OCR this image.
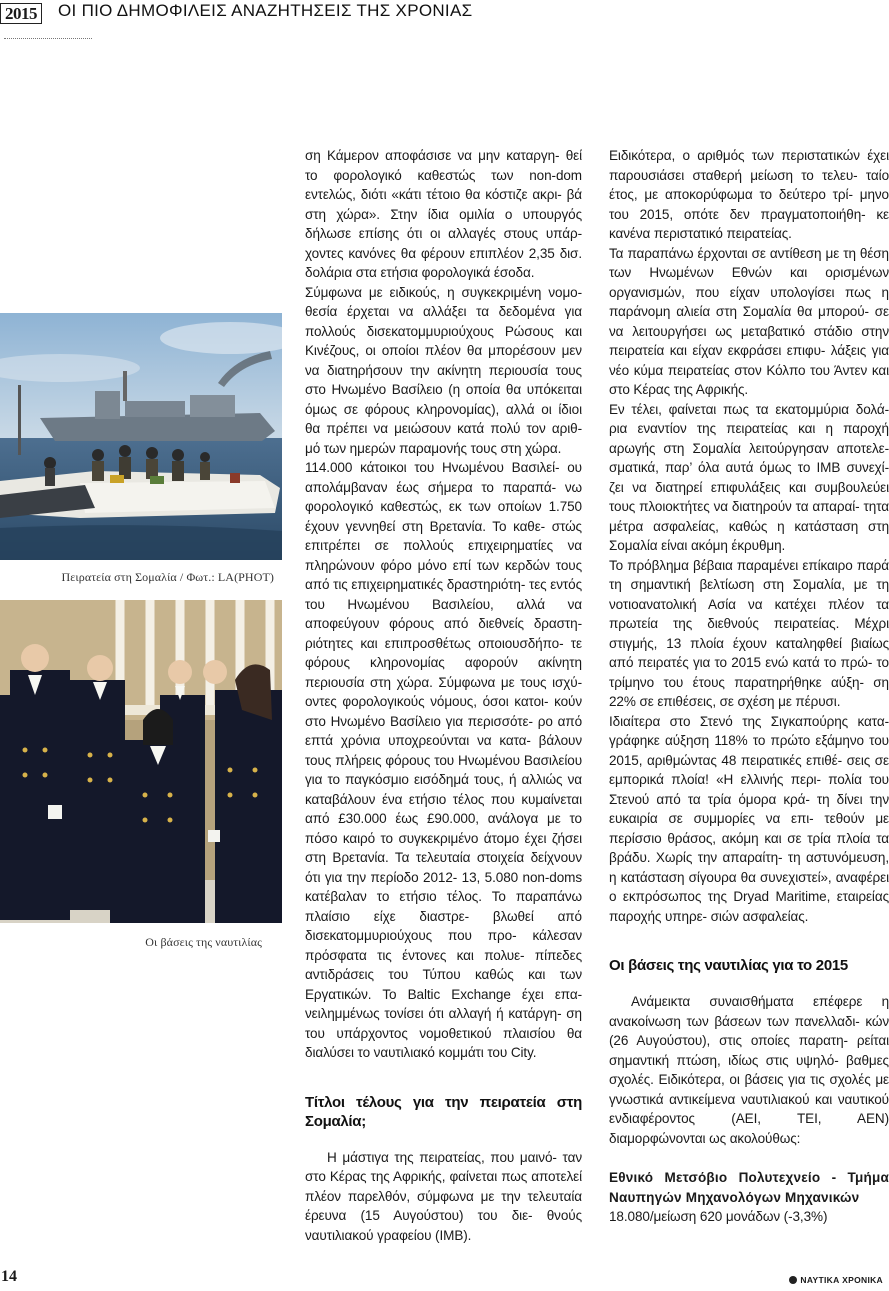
2015 ΟΙ ΠΙΟ ΔΗΜΟΦΙΛΕΙΣ ΑΝΑΖΗΤΗΣΕΙΣ ΤΗΣ ΧΡΟΝΙΑΣ
Πειρατεία στη Σομαλία / Φωτ.: LA(PHOT)
Οι βάσεις της ναυτιλίας

ση Κάμερον αποφάσισε να μην καταργη- θεί το φορολογικό καθεστώς των non-dom εντελώς, διότι «κάτι τέτοιο θα κόστιζε ακρι- βά στη χώρα». Στην ίδια ομιλία ο υπουργός δήλωσε επίσης ότι οι αλλαγές στους υπάρ- χοντες κανόνες θα φέρουν επιπλέον 2,35 δισ. δολάρια στα ετήσια φορολογικά έσοδα.

Σύμφωνα με ειδικούς, η συγκεκριμένη νομο- θεσία έρχεται να αλλάξει τα δεδομένα για πολλούς δισεκατομμυριούχους Ρώσους και Κινέζους, οι οποίοι πλέον θα μπορέσουν μεν να διατηρήσουν την ακίνητη περιουσία τους στο Ηνωμένο Βασίλειο (η οποία θα υπόκειται όμως σε φόρους κληρονομίας), αλλά οι ίδιοι θα πρέπει να μειώσουν κατά πολύ τον αριθ- μό των ημερών παραμονής τους στη χώρα.

114.000 κάτοικοι του Ηνωμένου Βασιλεί- ου απολάμβαναν έως σήμερα το παραπά- νω φορολογικό καθεστώς, εκ των οποίων 1.750 έχουν γεννηθεί στη Βρετανία. Το καθε- στώς επιτρέπει σε πολλούς επιχειρηματίες να πληρώνουν φόρο μόνο επί των κερδών τους από τις επιχειρηματικές δραστηριότη- τες εντός του Ηνωμένου Βασιλείου, αλλά να αποφεύγουν φόρους από διεθνείς δραστη- ριότητες και επιπροσθέτως οποιουσδήπο- τε φόρους κληρονομίας αφορούν ακίνητη περιουσία στη χώρα. Σύμφωνα με τους ισχύ- οντες φορολογικούς νόμους, όσοι κατοι- κούν στο Ηνωμένο Βασίλειο για περισσότε- ρο από επτά χρόνια υποχρεούνται να κατα- βάλουν τους πλήρεις φόρους του Ηνωμένου Βασιλείου για το παγκόσμιο εισόδημά τους, ή αλλιώς να καταβάλουν ένα ετήσιο τέλος που κυμαίνεται από £30.000 έως £90.000, ανάλογα με το πόσο καιρό το συγκεκριμένο άτομο έχει ζήσει στη Βρετανία. Τα τελευταία στοιχεία δείχνουν ότι για την περίοδο 2012- 13, 5.080 non-doms κατέβαλαν το ετήσιο τέλος. Το παραπάνω πλαίσιο είχε διαστρε- βλωθεί από δισεκατομμυριούχους που προ- κάλεσαν πρόσφατα τις έντονες και πολυε- πίπεδες αντιδράσεις του Τύπου καθώς και των Εργατικών. Το Baltic Exchange έχει επα- νειλημμένως τονίσει ότι αλλαγή ή κατάργη- ση του υπάρχοντος νομοθετικού πλαισίου θα διαλύσει το ναυτιλιακό κομμάτι του City.

Τίτλοι τέλους για την πειρατεία στη Σομαλία;

Η μάστιγα της πειρατείας, που μαινό- ταν στο Κέρας της Αφρικής, φαίνεται πως αποτελεί πλέον παρελθόν, σύμφωνα με την τελευταία έρευνα (15 Αυγούστου) του διε- θνούς ναυτιλιακού γραφείου (IMB).

Ειδικότερα, ο αριθμός των περιστατικών έχει παρουσιάσει σταθερή μείωση το τελευ- ταίο έτος, με αποκορύφωμα το δεύτερο τρί- μηνο του 2015, οπότε δεν πραγματοποιήθη- κε κανένα περιστατικό πειρατείας.

Τα παραπάνω έρχονται σε αντίθεση με τη θέση των Ηνωμένων Εθνών και ορισμένων οργανισμών, που είχαν υπολογίσει πως η παράνομη αλιεία στη Σομαλία θα μπορού- σε να λειτουργήσει ως μεταβατικό στάδιο στην πειρατεία και είχαν εκφράσει επιφυ- λάξεις για νέο κύμα πειρατείας στον Κόλπο του Άντεν και στο Κέρας της Αφρικής.

Εν τέλει, φαίνεται πως τα εκατομμύρια δολά- ρια εναντίον της πειρατείας και η παροχή αρωγής στη Σομαλία λειτούργησαν αποτελε- σματικά, παρ’ όλα αυτά όμως το IMB συνεχί- ζει να διατηρεί επιφυλάξεις και συμβουλεύει τους πλοιοκτήτες να διατηρούν τα απαραί- τητα μέτρα ασφαλείας, καθώς η κατάσταση στη Σομαλία είναι ακόμη έκρυθμη.

Το πρόβλημα βέβαια παραμένει επίκαιρο παρά τη σημαντική βελτίωση στη Σομαλία, με τη νοτιοανατολική Ασία να κατέχει πλέον τα πρωτεία της διεθνούς πειρατείας. Μέχρι στιγμής, 13 πλοία έχουν καταληφθεί βιαίως από πειρατές για το 2015 ενώ κατά το πρώ- το τρίμηνο του έτους παρατηρήθηκε αύξη- ση 22% σε επιθέσεις, σε σχέση με πέρυσι.

Ιδιαίτερα στο Στενό της Σιγκαπούρης κατα- γράφηκε αύξηση 118% το πρώτο εξάμηνο του 2015, αριθμώντας 48 πειρατικές επιθέ- σεις σε εμπορικά πλοία! «Η ελλινής περι- πολία του Στενού από τα τρία όμορα κρά- τη δίνει την ευκαιρία σε συμμορίες να επι- τεθούν με περίσσιο θράσος, ακόμη και σε τρία πλοία τα βράδυ. Χωρίς την απαραίτη- τη αστυνόμευση, η κατάσταση σίγουρα θα συνεχιστεί», αναφέρει ο εκπρόσωπος της Dryad Maritime, εταιρείας παροχής υπηρε- σιών ασφαλείας.

Οι βάσεις της ναυτιλίας για το 2015

Ανάμεικτα συναισθήματα επέφερε η ανακοίνωση των βάσεων των πανελλαδι- κών (26 Αυγούστου), στις οποίες παρατη- ρείται σημαντική πτώση, ιδίως στις υψηλό- βαθμες σχολές. Ειδικότερα, οι βάσεις για τις σχολές με γνωστικά αντικείμενα ναυτιλιακού και ναυτικού ενδιαφέροντος (ΑΕΙ, ΤΕΙ, ΑΕΝ) διαμορφώνονται ως ακολούθως:

Εθνικό Μετσόβιο Πολυτεχνείο - Τμήμα Ναυπηγών Μηχανολόγων Μηχανικών

18.080/μείωση 620 μονάδων (-3,3%)

14	ΝΑΥΤΙΚΑ ΧΡΟΝΙΚΑ
